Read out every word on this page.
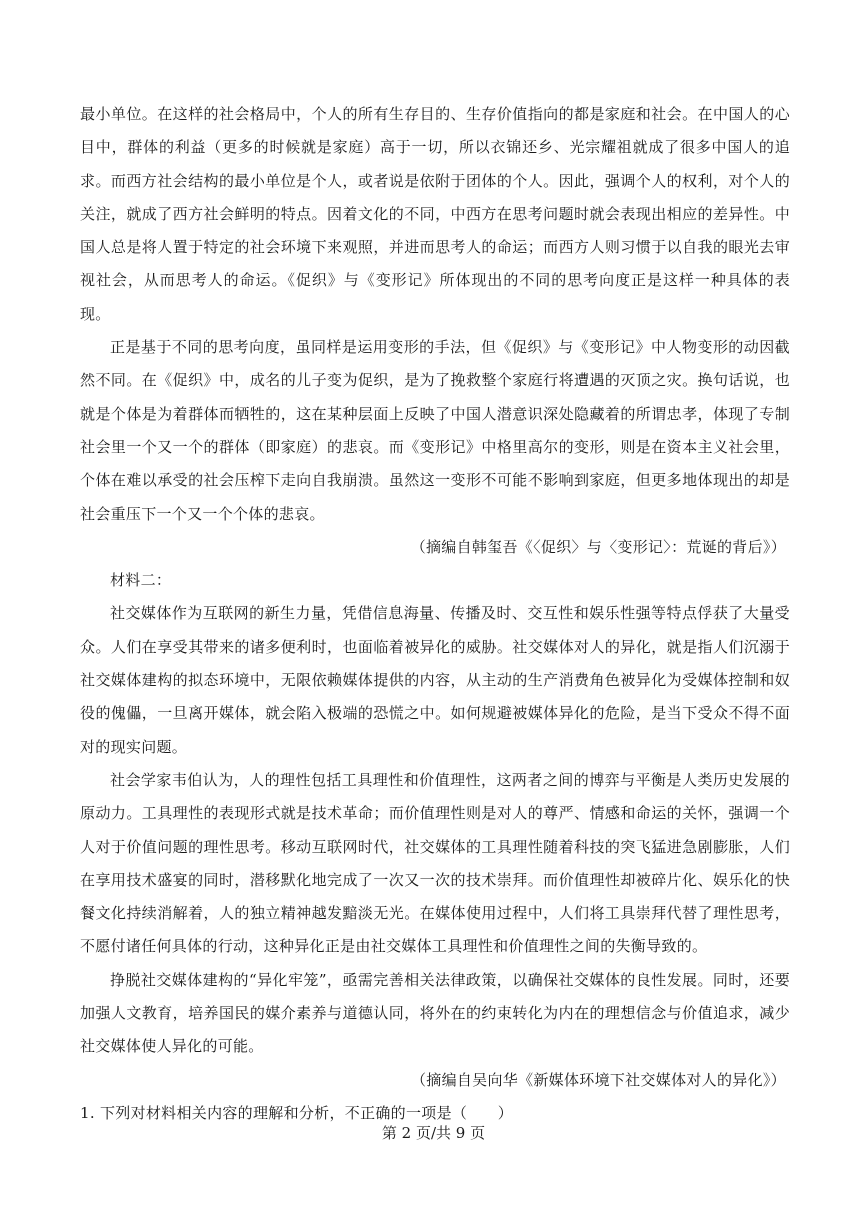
最小单位。在这样的社会格局中，个人的所有生存目的、生存价值指向的都是家庭和社会。在中国人的心目中，群体的利益（更多的时候就是家庭）高于一切，所以衣锦还乡、光宗耀祖就成了很多中国人的追求。而西方社会结构的最小单位是个人，或者说是依附于团体的个人。因此，强调个人的权利，对个人的关注，就成了西方社会鲜明的特点。因着文化的不同，中西方在思考问题时就会表现出相应的差异性。中国人总是将人置于特定的社会环境下来观照，并进而思考人的命运；而西方人则习惯于以自我的眼光去审视社会，从而思考人的命运。《促织》与《变形记》所体现出的不同的思考向度正是这样一种具体的表现。

正是基于不同的思考向度，虽同样是运用变形的手法，但《促织》与《变形记》中人物变形的动因截然不同。在《促织》中，成名的儿子变为促织，是为了挽救整个家庭行将遭遇的灭顶之灾。换句话说，也就是个体是为着群体而牺牲的，这在某种层面上反映了中国人潜意识深处隐藏着的所谓忠孝，体现了专制社会里一个又一个的群体（即家庭）的悲哀。而《变形记》中格里高尔的变形，则是在资本主义社会里，个体在难以承受的社会压榨下走向自我崩溃。虽然这一变形不可能不影响到家庭，但更多地体现出的却是社会重压下一个又一个个体的悲哀。

（摘编自韩玺吾《〈促织〉与〈变形记〉：荒诞的背后》）

材料二：

社交媒体作为互联网的新生力量，凭借信息海量、传播及时、交互性和娱乐性强等特点俘获了大量受众。人们在享受其带来的诸多便利时，也面临着被异化的威胁。社交媒体对人的异化，就是指人们沉溺于社交媒体建构的拟态环境中，无限依赖媒体提供的内容，从主动的生产消费角色被异化为受媒体控制和奴役的傀儡，一旦离开媒体，就会陷入极端的恐慌之中。如何规避被媒体异化的危险，是当下受众不得不面对的现实问题。

社会学家韦伯认为，人的理性包括工具理性和价值理性，这两者之间的博弈与平衡是人类历史发展的原动力。工具理性的表现形式就是技术革命；而价值理性则是对人的尊严、情感和命运的关怀，强调一个人对于价值问题的理性思考。移动互联网时代，社交媒体的工具理性随着科技的突飞猛进急剧膨胀，人们在享用技术盛宴的同时，潜移默化地完成了一次又一次的技术崇拜。而价值理性却被碎片化、娱乐化的快餐文化持续消解着，人的独立精神越发黯淡无光。在媒体使用过程中，人们将工具崇拜代替了理性思考，不愿付诸任何具体的行动，这种异化正是由社交媒体工具理性和价值理性之间的失衡导致的。

挣脱社交媒体建构的“异化牢笼”，亟需完善相关法律政策，以确保社交媒体的良性发展。同时，还要加强人文教育，培养国民的媒介素养与道德认同，将外在的约束转化为内在的理想信念与价值追求，减少社交媒体使人异化的可能。

（摘编自吴向华《新媒体环境下社交媒体对人的异化》）

1. 下列对材料相关内容的理解和分析，不正确的一项是（　　）

第 2 页/共 9 页
